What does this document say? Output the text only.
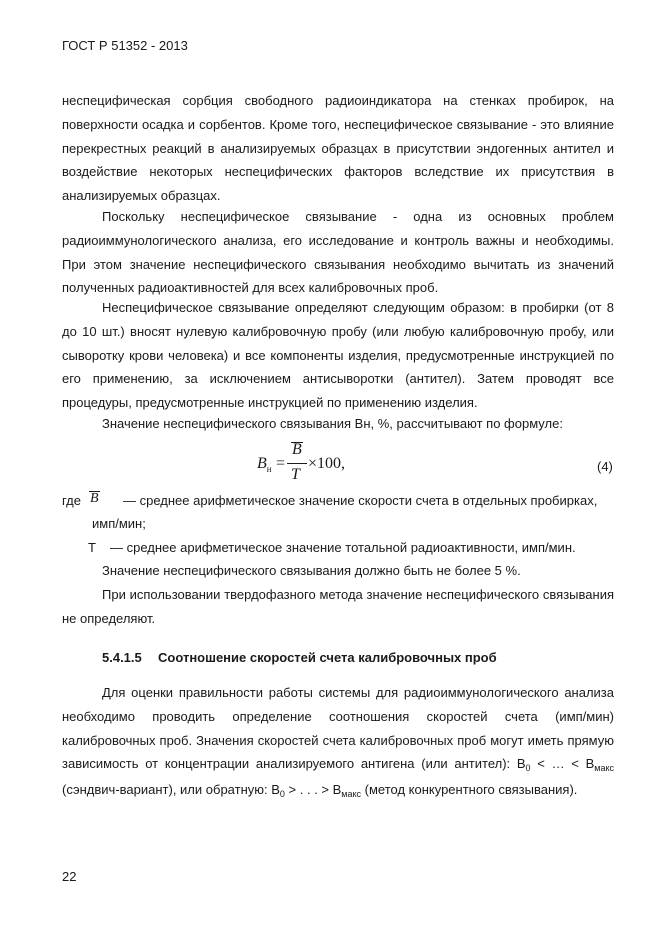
ГОСТ Р 51352 - 2013

неспецифическая сорбция свободного радиоиндикатора на стенках пробирок, на поверхности осадка и сорбентов. Кроме того, неспецифическое связывание - это влияние перекрестных реакций в анализируемых образцах в присутствии эндогенных антител и воздействие некоторых неспецифических факторов вследствие их присутствия в анализируемых образцах.

Поскольку неспецифическое связывание - одна из основных проблем радиоиммунологического анализа, его исследование и контроль важны и необходимы. При этом значение неспецифического связывания необходимо вычитать из значений полученных радиоактивностей для всех калибровочных проб.

Неспецифическое связывание определяют следующим образом: в пробирки (от 8 до 10 шт.) вносят нулевую калибровочную пробу (или любую калибровочную пробу, или сыворотку крови человека) и все компоненты изделия, предусмотренные инструкцией по его применению, за исключением антисыворотки (антител). Затем проводят все процедуры, предусмотренные инструкцией по применению изделия.

Значение неспецифического связывания Вн, %, рассчитывают по формуле:

$B_н$ =
B
T
×100,	(4)
где B — среднее арифметическое значение скорости счета в отдельных пробирках,
имп/мин;
T — среднее арифметическое значение тотальной радиоактивности, имп/мин.

Значение неспецифического связывания должно быть не более 5 %.

При использовании твердофазного метода значение неспецифического связывания не определяют.

5.4.1.5 Соотношение скоростей счета калибровочных проб

Для оценки правильности работы системы для радиоиммунологического анализа необходимо проводить определение соотношения скоростей счета (имп/мин) калибровочных проб. Значения скоростей счета калибровочных проб могут иметь прямую зависимость от концентрации анализируемого антигена (или антител): $В_0$ < … < $В_{макс}$ (сэндвич-вариант), или обратную: $В_0$ > . . . > $В_{макс}$ (метод конкурентного связывания).

22
